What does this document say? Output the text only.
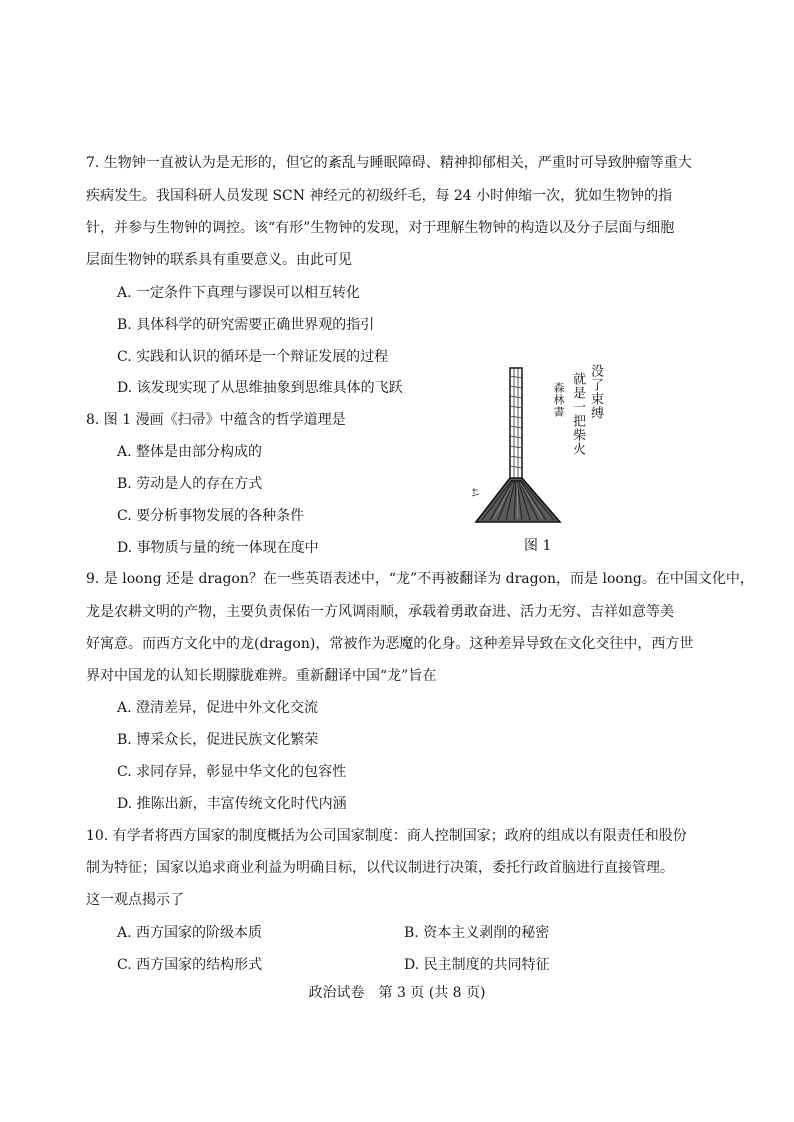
7. 生物钟一直被认为是无形的，但它的紊乱与睡眠障碍、精神抑郁相关，严重时可导致肿瘤等重大
疾病发生。我国科研人员发现 SCN 神经元的初级纤毛，每 24 小时伸缩一次，犹如生物钟的指
针，并参与生物钟的调控。该“有形”生物钟的发现，对于理解生物钟的构造以及分子层面与细胞
层面生物钟的联系具有重要意义。由此可见
A. 一定条件下真理与谬误可以相互转化
B. 具体科学的研究需要正确世界观的指引
C. 实践和认识的循环是一个辩证发展的过程
D. 该发现实现了从思维抽象到思维具体的飞跃
8. 图 1 漫画《扫帚》中蕴含的哲学道理是
A. 整体是由部分构成的
B. 劳动是人的存在方式
C. 要分析事物发展的各种条件
D. 事物质与量的统一体现在度中
没了束缚
就是一把柴火
森林書
图 1
9. 是 loong 还是 dragon？在一些英语表述中，“龙”不再被翻译为 dragon，而是 loong。在中国文化中，
龙是农耕文明的产物，主要负责保佑一方风调雨顺，承载着勇敢奋进、活力无穷、吉祥如意等美
好寓意。而西方文化中的龙(dragon)，常被作为恶魔的化身。这种差异导致在文化交往中，西方世
界对中国龙的认知长期朦胧难辨。重新翻译中国“龙”旨在
A. 澄清差异，促进中外文化交流
B. 博采众长，促进民族文化繁荣
C. 求同存异，彰显中华文化的包容性
D. 推陈出新，丰富传统文化时代内涵
10. 有学者将西方国家的制度概括为公司国家制度：商人控制国家；政府的组成以有限责任和股份
制为特征；国家以追求商业利益为明确目标，以代议制进行决策，委托行政首脑进行直接管理。
这一观点揭示了
A. 西方国家的阶级本质	B. 资本主义剥削的秘密
C. 西方国家的结构形式	D. 民主制度的共同特征
政治试卷　第 3 页 (共 8 页)
